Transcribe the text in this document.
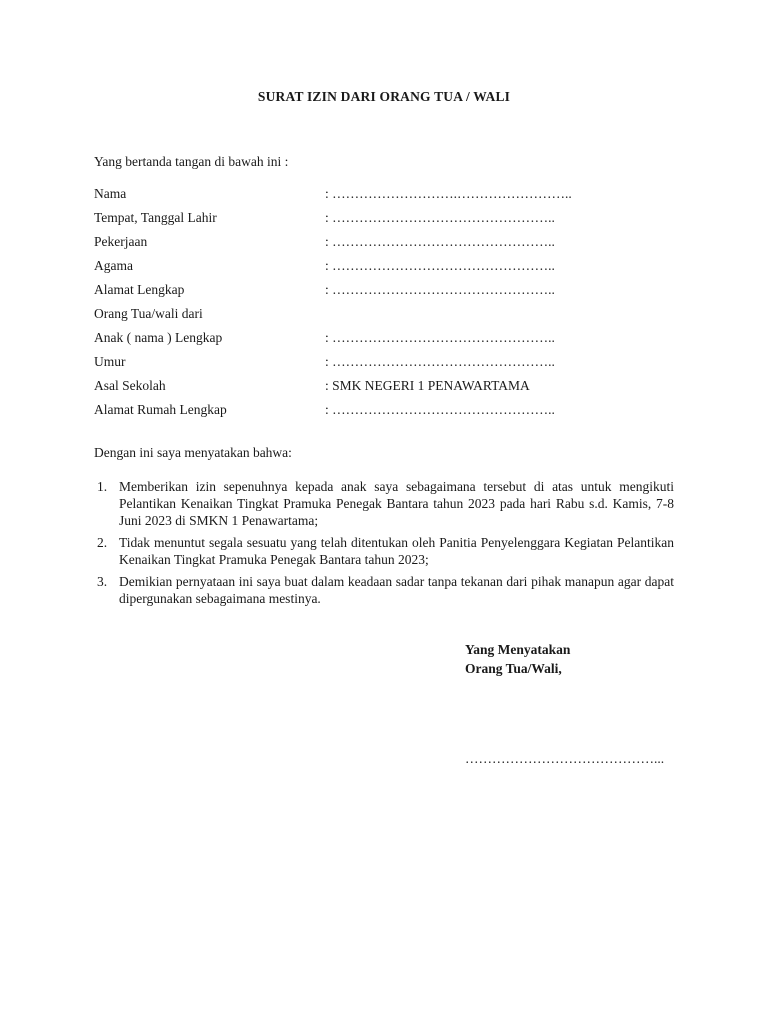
SURAT IZIN DARI ORANG TUA / WALI
Yang bertanda tangan di bawah ini :
Nama	: ……………………….……………………..
Tempat, Tanggal Lahir	: …………………………………………..
Pekerjaan	: …………………………………………..
Agama	: …………………………………………..
Alamat Lengkap	: …………………………………………..
Orang Tua/wali dari
Anak ( nama ) Lengkap	: …………………………………………..
Umur	: …………………………………………..
Asal Sekolah	: SMK NEGERI 1 PENAWARTAMA
Alamat Rumah Lengkap	: …………………………………………..
Dengan ini saya menyatakan bahwa:
1. Memberikan izin sepenuhnya kepada anak saya sebagaimana tersebut di atas untuk mengikuti Pelantikan Kenaikan Tingkat Pramuka Penegak Bantara tahun 2023 pada hari Rabu s.d. Kamis, 7-8 Juni 2023 di SMKN 1 Penawartama;
2. Tidak menuntut segala sesuatu yang telah ditentukan oleh Panitia Penyelenggara Kegiatan Pelantikan Kenaikan Tingkat Pramuka Penegak Bantara tahun 2023;
3. Demikian pernyataan ini saya buat dalam keadaan sadar tanpa tekanan dari pihak manapun agar dapat dipergunakan sebagaimana mestinya.
Yang Menyatakan
Orang Tua/Wali,
……………………………………...
